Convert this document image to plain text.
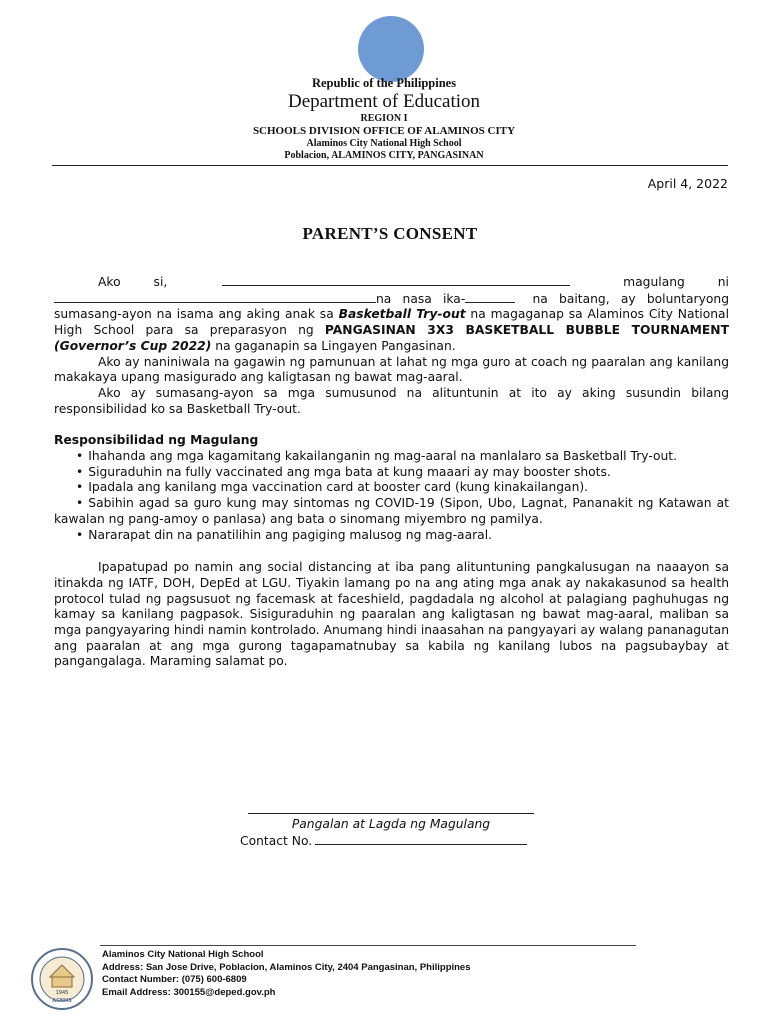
Republic of the Philippines
Department of Education
REGION I
SCHOOLS DIVISION OFFICE OF ALAMINOS CITY
Alaminos City National High School
Poblacion, ALAMINOS CITY, PANGASINAN
April 4, 2022
PARENT’S CONSENT

Ako si,	magulang ni na nasa ika-	na baitang, ay boluntaryong sumasang-ayon na isama ang aking anak sa Basketball Try-out na magaganap sa Alaminos City National High School para sa preparasyon ng PANGASINAN 3X3 BASKETBALL BUBBLE TOURNAMENT (Governor’s Cup 2022) na gaganapin sa Lingayen Pangasinan.

Ako ay naniniwala na gagawin ng pamunuan at lahat ng mga guro at coach ng paaralan ang kanilang makakaya upang masigurado ang kaligtasan ng bawat mag-aaral.

Ako ay sumasang-ayon sa mga sumusunod na alituntunin at ito ay aking susundin bilang responsibilidad ko sa Basketball Try-out.

Responsibilidad ng Magulang

• Ihahanda ang mga kagamitang kakailanganin ng mag-aaral na manlalaro sa Basketball Try-out.
• Siguraduhin na fully vaccinated ang mga bata at kung maaari ay may booster shots.
• Ipadala ang kanilang mga vaccination card at booster card (kung kinakailangan).
• Sabihin agad sa guro kung may sintomas ng COVID-19 (Sipon, Ubo, Lagnat, Pananakit ng Katawan at kawalan ng pang-amoy o panlasa) ang bata o sinomang miyembro ng pamilya.
• Nararapat din na panatilihin ang pagiging malusog ng mag-aaral.

Ipapatupad po namin ang social distancing at iba pang alituntuning pangkalusugan na naaayon sa itinakda ng IATF, DOH, DepEd at LGU. Tiyakin lamang po na ang ating mga anak ay nakakasunod sa health protocol tulad ng pagsusuot ng facemask at faceshield, pagdadala ng alcohol at palagiang paghuhugas ng kamay sa kanilang pagpasok. Sisiguraduhin ng paaralan ang kaligtasan ng bawat mag-aaral, maliban sa mga pangyayaring hindi namin kontrolado. Anumang hindi inaasahan na pangyayari ay walang pananagutan ang paaralan at ang mga gurong tagapamatnubay sa kabila ng kanilang lubos na pagsubaybay at pangangalaga. Maraming salamat po.

Pangalan at Lagda ng Magulang
Contact No.
1945
ACNHS
Alaminos City National High School
Address: San Jose Drive, Poblacion, Alaminos City, 2404 Pangasinan, Philippines
Contact Number: (075) 600-6809
Email Address: 300155@deped.gov.ph
